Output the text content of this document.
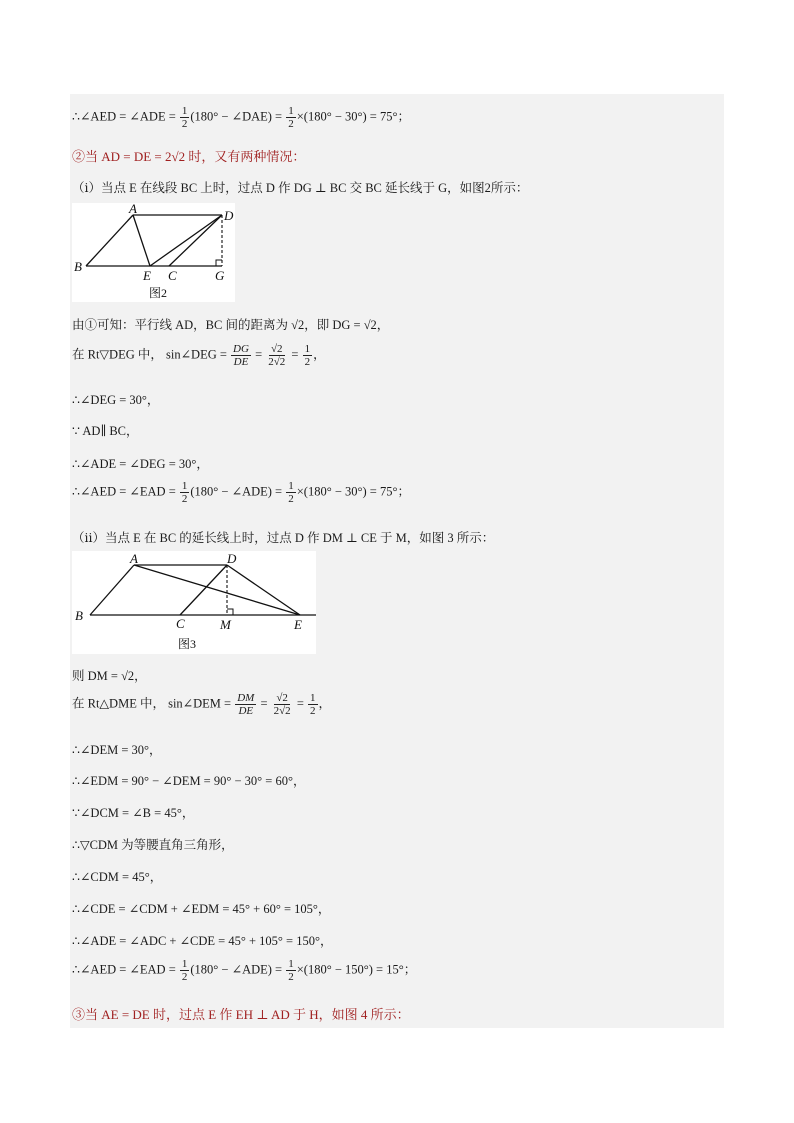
∴∠AED = ∠ADE = $\frac{1}{2} (180^\circ$ − ∠DAE) = $\frac{1}{2} \times(180^\circ - 30^\circ) = 75^\circ$；
②当 AD = DE = 2√2 时，又有两种情况：
（ⅰ）当点 E 在线段 BC 上时，过点 D 作 DG ⊥ BC 交 BC 延长线于 G，如图2所示：
A	D
B
E C	G
图2
由①可知：平行线 AD，BC 间的距离为 √2，即 DG = √2，
在 Rt▽DEG 中， sin∠DEG = $\frac{DG}{DE} = \frac{√2}{2√2} = \frac{1}{2}$ ，
∴∠DEG = 30°，
∵ AD∥ BC，
∴∠ADE = ∠DEG = 30°，
∴∠AED = ∠EAD = $\frac{1}{2} (180^\circ$ − ∠ADE) = $\frac{1}{2} \times(180^\circ - 30^\circ) = 75^\circ$；
（ⅱ）当点 E 在 BC 的延长线上时，过点 D 作 DM ⊥ CE 于 M，如图 3 所示：
A	D
B
C	M	E
图3
则 DM = √2，
在 Rt△DME 中， sin∠DEM = $\frac{DM}{DE} = \frac{√2}{2√2} = \frac{1}{2}$ ，
∴∠DEM = 30°，
∴∠EDM = 90° − ∠DEM = 90° − 30° = 60°，
∵∠DCM = ∠B = 45°，
∴▽CDM 为等腰直角三角形，
∴∠CDM = 45°，
∴∠CDE = ∠CDM + ∠EDM = 45° + 60° = 105°，
∴∠ADE = ∠ADC + ∠CDE = 45° + 105° = 150°，
∴∠AED = ∠EAD = $\frac{1}{2} (180^\circ$ − ∠ADE) = $\frac{1}{2} \times(180^\circ - 150^\circ) = 15^\circ$；
③当 AE = DE 时，过点 E 作 EH ⊥ AD 于 H，如图 4 所示：
